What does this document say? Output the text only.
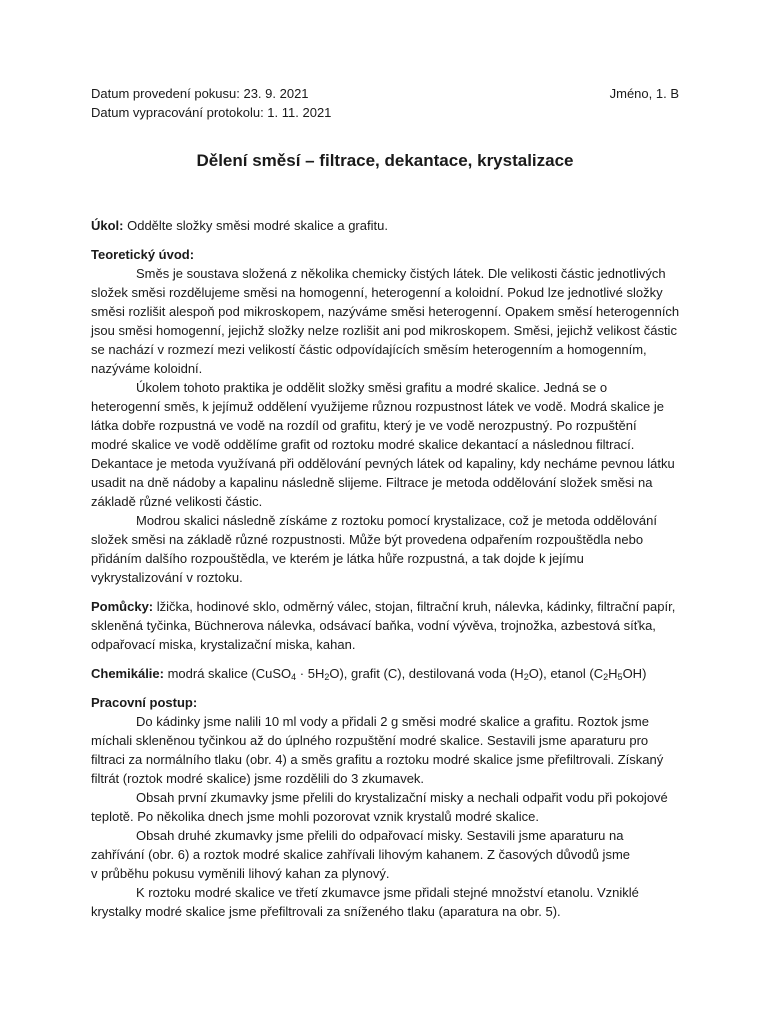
Datum provedení pokusu: 23. 9. 2021	Jméno, 1. B
Datum vypracování protokolu: 1. 11. 2021
Dělení směsí – filtrace, dekantace, krystalizace

Úkol: Oddělte složky směsi modré skalice a grafitu.

Teoretický úvod:

Směs je soustava složená z několika chemicky čistých látek. Dle velikosti částic jednotlivých

složek směsi rozdělujeme směsi na homogenní, heterogenní a koloidní. Pokud lze jednotlivé složky

směsi rozlišit alespoň pod mikroskopem, nazýváme směsi heterogenní. Opakem směsí heterogenních

jsou směsi homogenní, jejichž složky nelze rozlišit ani pod mikroskopem. Směsi, jejichž velikost částic

se nachází v rozmezí mezi velikostí částic odpovídajících směsím heterogenním a homogenním,

nazýváme koloidní.

Úkolem tohoto praktika je oddělit složky směsi grafitu a modré skalice. Jedná se o

heterogenní směs, k jejímuž oddělení využijeme různou rozpustnost látek ve vodě. Modrá skalice je

látka dobře rozpustná ve vodě na rozdíl od grafitu, který je ve vodě nerozpustný. Po rozpuštění

modré skalice ve vodě oddělíme grafit od roztoku modré skalice dekantací a následnou filtrací.

Dekantace je metoda využívaná při oddělování pevných látek od kapaliny, kdy necháme pevnou látku

usadit na dně nádoby a kapalinu následně slijeme. Filtrace je metoda oddělování složek směsi na

základě různé velikosti částic.

Modrou skalici následně získáme z roztoku pomocí krystalizace, což je metoda oddělování

složek směsi na základě různé rozpustnosti. Může být provedena odpařením rozpouštědla nebo

přidáním dalšího rozpouštědla, ve kterém je látka hůře rozpustná, a tak dojde k jejímu

vykrystalizování v roztoku.

Pomůcky: lžička, hodinové sklo, odměrný válec, stojan, filtrační kruh, nálevka, kádinky, filtrační papír,

skleněná tyčinka, Büchnerova nálevka, odsávací baňka, vodní vývěva, trojnožka, azbestová síťka,

odpařovací miska, krystalizační miska, kahan.

Chemikálie: modrá skalice (CuSO$_4$ · $5H_2O$), grafit (C), destilovaná voda $(H_2O)$, etanol $(C_2H_5OH)$

Pracovní postup:

Do kádinky jsme nalili 10 ml vody a přidali 2 g směsi modré skalice a grafitu. Roztok jsme

míchali skleněnou tyčinkou až do úplného rozpuštění modré skalice. Sestavili jsme aparaturu pro

filtraci za normálního tlaku (obr. 4) a směs grafitu a roztoku modré skalice jsme přefiltrovali. Získaný

filtrát (roztok modré skalice) jsme rozdělili do 3 zkumavek.

Obsah první zkumavky jsme přelili do krystalizační misky a nechali odpařit vodu při pokojové

teplotě. Po několika dnech jsme mohli pozorovat vznik krystalů modré skalice.

Obsah druhé zkumavky jsme přelili do odpařovací misky. Sestavili jsme aparaturu na

zahřívání (obr. 6) a roztok modré skalice zahřívali lihovým kahanem. Z časových důvodů jsme

v průběhu pokusu vyměnili lihový kahan za plynový.

K roztoku modré skalice ve třetí zkumavce jsme přidali stejné množství etanolu. Vzniklé

krystalky modré skalice jsme přefiltrovali za sníženého tlaku (aparatura na obr. 5).
